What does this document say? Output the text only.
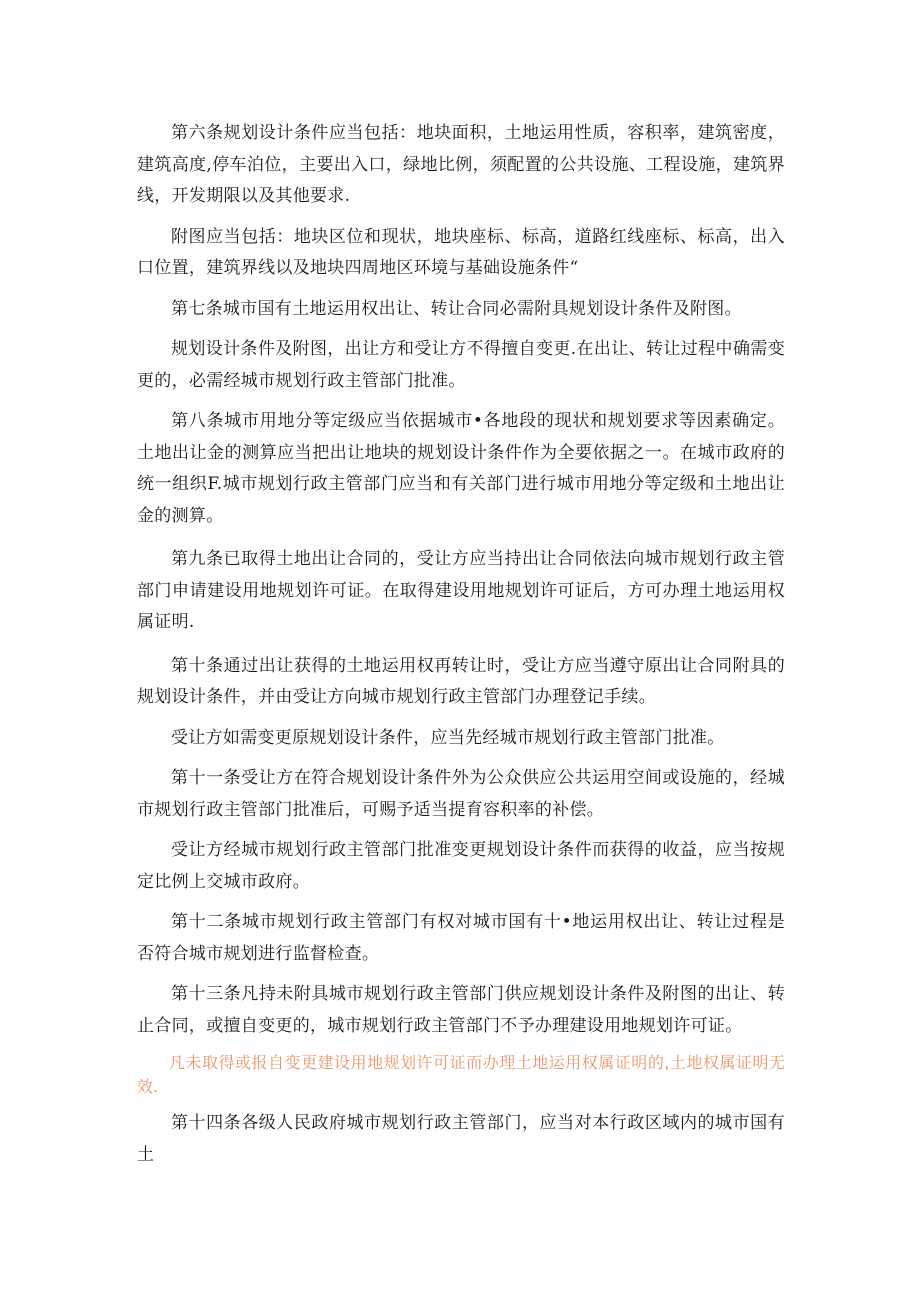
第六条规划设计条件应当包括：地块面积，土地运用性质，容积率，建筑密度，建筑高度,停车泊位，主要出入口，绿地比例，须配置的公共设施、工程设施，建筑界线，开发期限以及其他要求.

附图应当包括：地块区位和现状，地块座标、标高，道路红线座标、标高，出入口位置，建筑界线以及地块四周地区环境与基础设施条件“

第七条城市国有土地运用权出让、转让合同必需附具规划设计条件及附图。

规划设计条件及附图，出让方和受让方不得擅自变更.在出让、转让过程中确需变更的，必需经城市规划行政主管部门批准。

第八条城市用地分等定级应当依据城市•各地段的现状和规划要求等因素确定。土地出让金的测算应当把出让地块的规划设计条件作为全要依据之一。在城市政府的统一组织F.城市规划行政主管部门应当和有关部门进行城市用地分等定级和土地出让金的测算。

第九条已取得土地出让合同的，受让方应当持出让合同依法向城市规划行政主管部门申请建设用地规划许可证。在取得建设用地规划许可证后，方可办理土地运用权属证明.

第十条通过出让获得的土地运用权再转让时，受让方应当遵守原出让合同附具的规划设计条件，并由受让方向城市规划行政主管部门办理登记手续。

受让方如需变更原规划设计条件，应当先经城市规划行政主管部门批准。

第十一条受让方在符合规划设计条件外为公众供应公共运用空间或设施的，经城市规划行政主管部门批准后，可赐予适当提育容积率的补偿。

受让方经城市规划行政主管部门批准变更规划设计条件而获得的收益，应当按规定比例上交城市政府。

第十二条城市规划行政主管部门有权对城市国有十•地运用权出让、转让过程是否符合城市规划进行监督检查。

第十三条凡持未附具城市规划行政主管部门供应规划设计条件及附图的出让、转止合同，或擅自变更的，城市规划行政主管部门不予办理建设用地规划许可证。

凡未取得或报自变更建设用地规划许可证而办理土地运用权属证明的,土地权属证明无效.

第十四条各级人民政府城市规划行政主管部门，应当对本行政区域内的城市国有土
